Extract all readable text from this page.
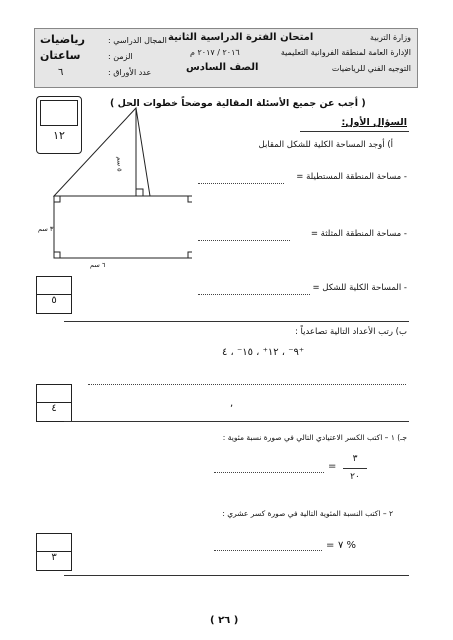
وزارة التربية
الإدارة العامة لمنطقة الفروانية التعليمية
التوجيه الفني للرياضيات
امتحان الفترة الدراسية الثانية
٢٠١٦ / ٢٠١٧ م
الصف السادس
المجال الدراسي :
رياضيات
الزمن :
ساعتان
عدد الأوراق :
٦
( أجب عن جميع الأسئلة المقالية موضحاً خطوات الحل )
١٢
السؤال الأول:
أ) أوجد المساحة الكلية للشكل المقابل
٥ سم
٣ سم
٦ سم
- مساحة المنطقة المستطيلة =
- مساحة المنطقة المثلثة =
- المساحة الكلية للشكل =
٥
ب) رتب الأعداد التالية تصاعدياً :
٩⁻ ، ١٢⁺ ، ١٥⁻ ، ٤⁺
,
٤
جـ) ١ – اكتب الكسر الاعتيادي التالي في صورة نسبة مئوية :
٣
٢٠
=
٢ – اكتب النسبة المئوية التالية في صورة كسر عشري :
٧ %
=
٣
( ٢٦ )
